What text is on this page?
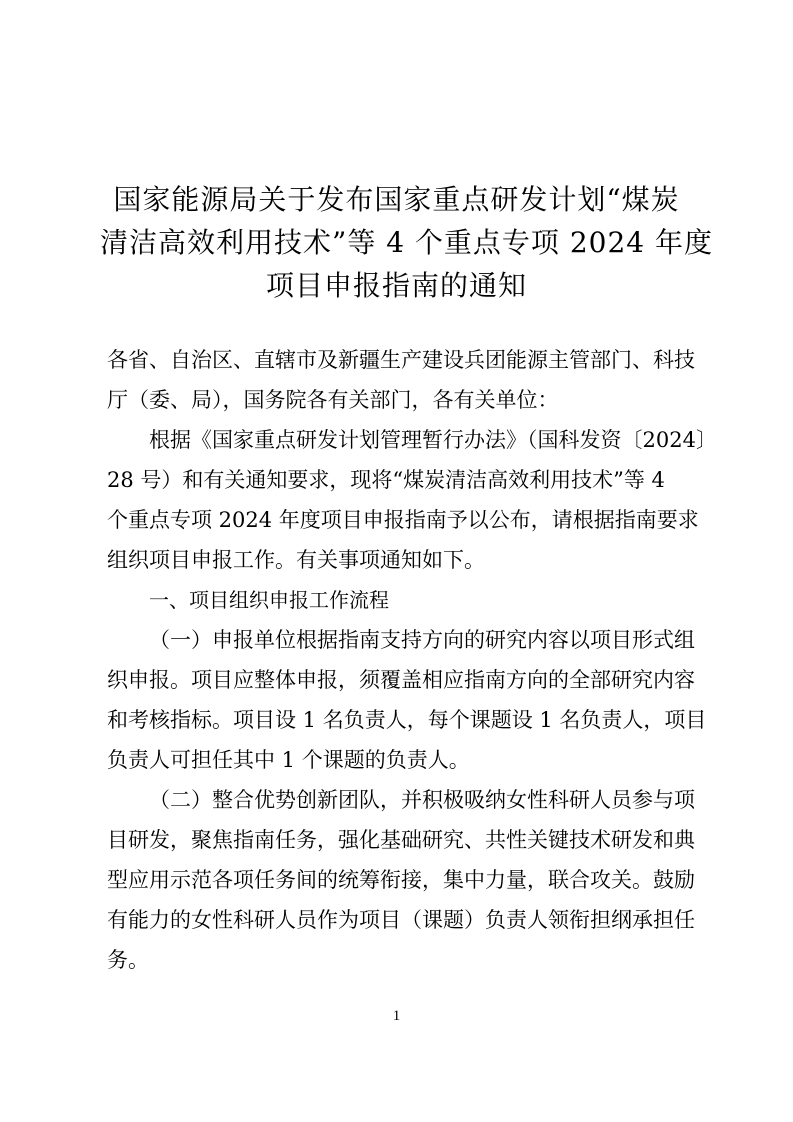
国家能源局关于发布国家重点研发计划“煤炭
清洁高效利用技术”等 4 个重点专项 2024 年度
项目申报指南的通知
各省、自治区、直辖市及新疆生产建设兵团能源主管部门、科技
厅（委、局），国务院各有关部门，各有关单位：
根据《国家重点研发计划管理暂行办法》（国科发资〔2024〕
28 号）和有关通知要求，现将“煤炭清洁高效利用技术”等 4
个重点专项 2024 年度项目申报指南予以公布，请根据指南要求
组织项目申报工作。有关事项通知如下。
一、项目组织申报工作流程
（一）申报单位根据指南支持方向的研究内容以项目形式组
织申报。项目应整体申报，须覆盖相应指南方向的全部研究内容
和考核指标。项目设 1 名负责人，每个课题设 1 名负责人，项目
负责人可担任其中 1 个课题的负责人。
（二）整合优势创新团队，并积极吸纳女性科研人员参与项
目研发，聚焦指南任务，强化基础研究、共性关键技术研发和典
型应用示范各项任务间的统筹衔接，集中力量，联合攻关。鼓励
有能力的女性科研人员作为项目（课题）负责人领衔担纲承担任
务。
1
